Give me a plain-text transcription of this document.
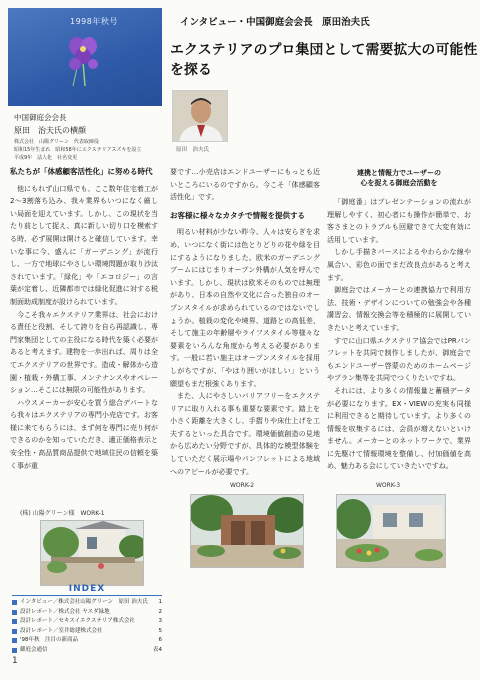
1998年秋号	インタビュー・中国御庭会会長　原田治夫氏
エクステリアのプロ集団として需要拡大の可能性を探る
原田　治夫氏
中国御庭会会長
原田　治夫氏の横顔
株式会社　山陽グリーン　代表取締役
昭和15年生まれ　昭和58年にエクステリアスズキを設立
平成9年　法人化　社名変更
私たちが「体感顧客活性化」に努める時代
他にもれず山口県でも、ここ数年住宅着工が2～3割落ち込み、我々業界もいつになく厳しい局面を迎えています。しかし、この現状を当たり前として捉え、真に新しい切り口を模索する時、必ず展開は開けると確信しています。幸いな事に今、盛んに「ガーデニング」が流行し、一方で地球にやさしい環境問題が取り沙汰されています。「緑化」や「エコロジー」の言葉が定着し、近隣都市では緑化促進に対する税制面助成制度が設けられています。
今こそ我々エクステリア業界は、社会における責任と役割、そして誇りを自ら再認識し、専門家集団としての主役になる時代を築く必要があると考えます。建物を一歩出れば、周りは全てエクステリアの世界です。造成・解体から造園・植栽・外構工事、メンテナンスやオペレーション…そこには無限の可能性があります。
ハウスメーカーが安心を買う総合デパートなら我々はエクステリアの専門小売店です。お客様に来てもらうには、まず何を専門に売り何ができるのかを知っていただき、適正価格表示と安全性・高品質商品提供で地域住民の信頼を築く事が重
要です…小売店はエンドユーザーにもっとも近いところにいるのですから。今こそ「体感顧客活性化」です。
お客様に様々なカタチで情報を提供する
明るい材料が少ない昨今、人々は安らぎを求め、いつになく街には色とりどりの花や緑を目にするようになりました。欧米のガーデニングブームにはじまりオープン外構が人気を呼んでいます。しかし、現状は欧米そのものでは無理があり、日本の自然や文化に合った独自のオープンスタイルが求められているのではないでしょうか。植栽の変化や境界、道路との高低差、そして施主の年齢層やライフスタイル等様々な要素をいろんな角度から考える必要があります。一般に若い施主はオープンスタイルを採用しがちですが、「やはり囲いがほしい」という願望もまだ根強くあります。
また、人にやさしいバリアフリーをエクステリアに取り入れる事も重要な要素です。踏上を小さく距離を大きくし、手摺りや床仕上げを工夫するといった具合です。環境価値創造の見地から広めたい分野ですが、具体的な模型体験をしていただく展示場やパンフレットによる地域へのアピールが必要です。
連携と情報力でユーザーの
心を捉える御庭会活動を
「御庭番」はプレゼンテーションの流れが理解しやすく、初心者にも操作が簡単で、お客さまとのトラブルも回避できて大変有効に活用しています。
しかし手描きパースによるやわらかな線や風合い、彩色の面でまだ改良点があると考えます。
御庭会ではメーカーとの連携協力で利用方法、技術・デザインについての勉強会や各種講習会、情報交換会等を積極的に展開していきたいと考えています。
すでに山口県エクステリア協会ではPRパンフレットを共同で制作しましたが、御庭会でもエンドユーザー啓蒙のためのホームページやプラン集等を共同でつくりたいですね。
それには、より多くの情報量と蓄積データが必要になります。EX・VIEWの充実も同様に利用できると期待しています。より多くの情報を収集するには、会員が増えないといけません。メーカーとのネットワークで、業界に先駆けて情報環境を整備し、付加価値を高め、魅力ある会にしていきたいですね。
(株) 山陽グリーン様　WORK-1
WORK-2	WORK-3
INDEX
インタビュー／株式会社山陽グリーン　原田 治夫氏	1
設計レポート／株式会社 ヤスダ緑地	2
設計レポート／セキスイエクステリア株式会社	3
設計レポート／室井総建株式会社	5
'98年秋　注目の新商品	6
御庭会通信	表4
1
